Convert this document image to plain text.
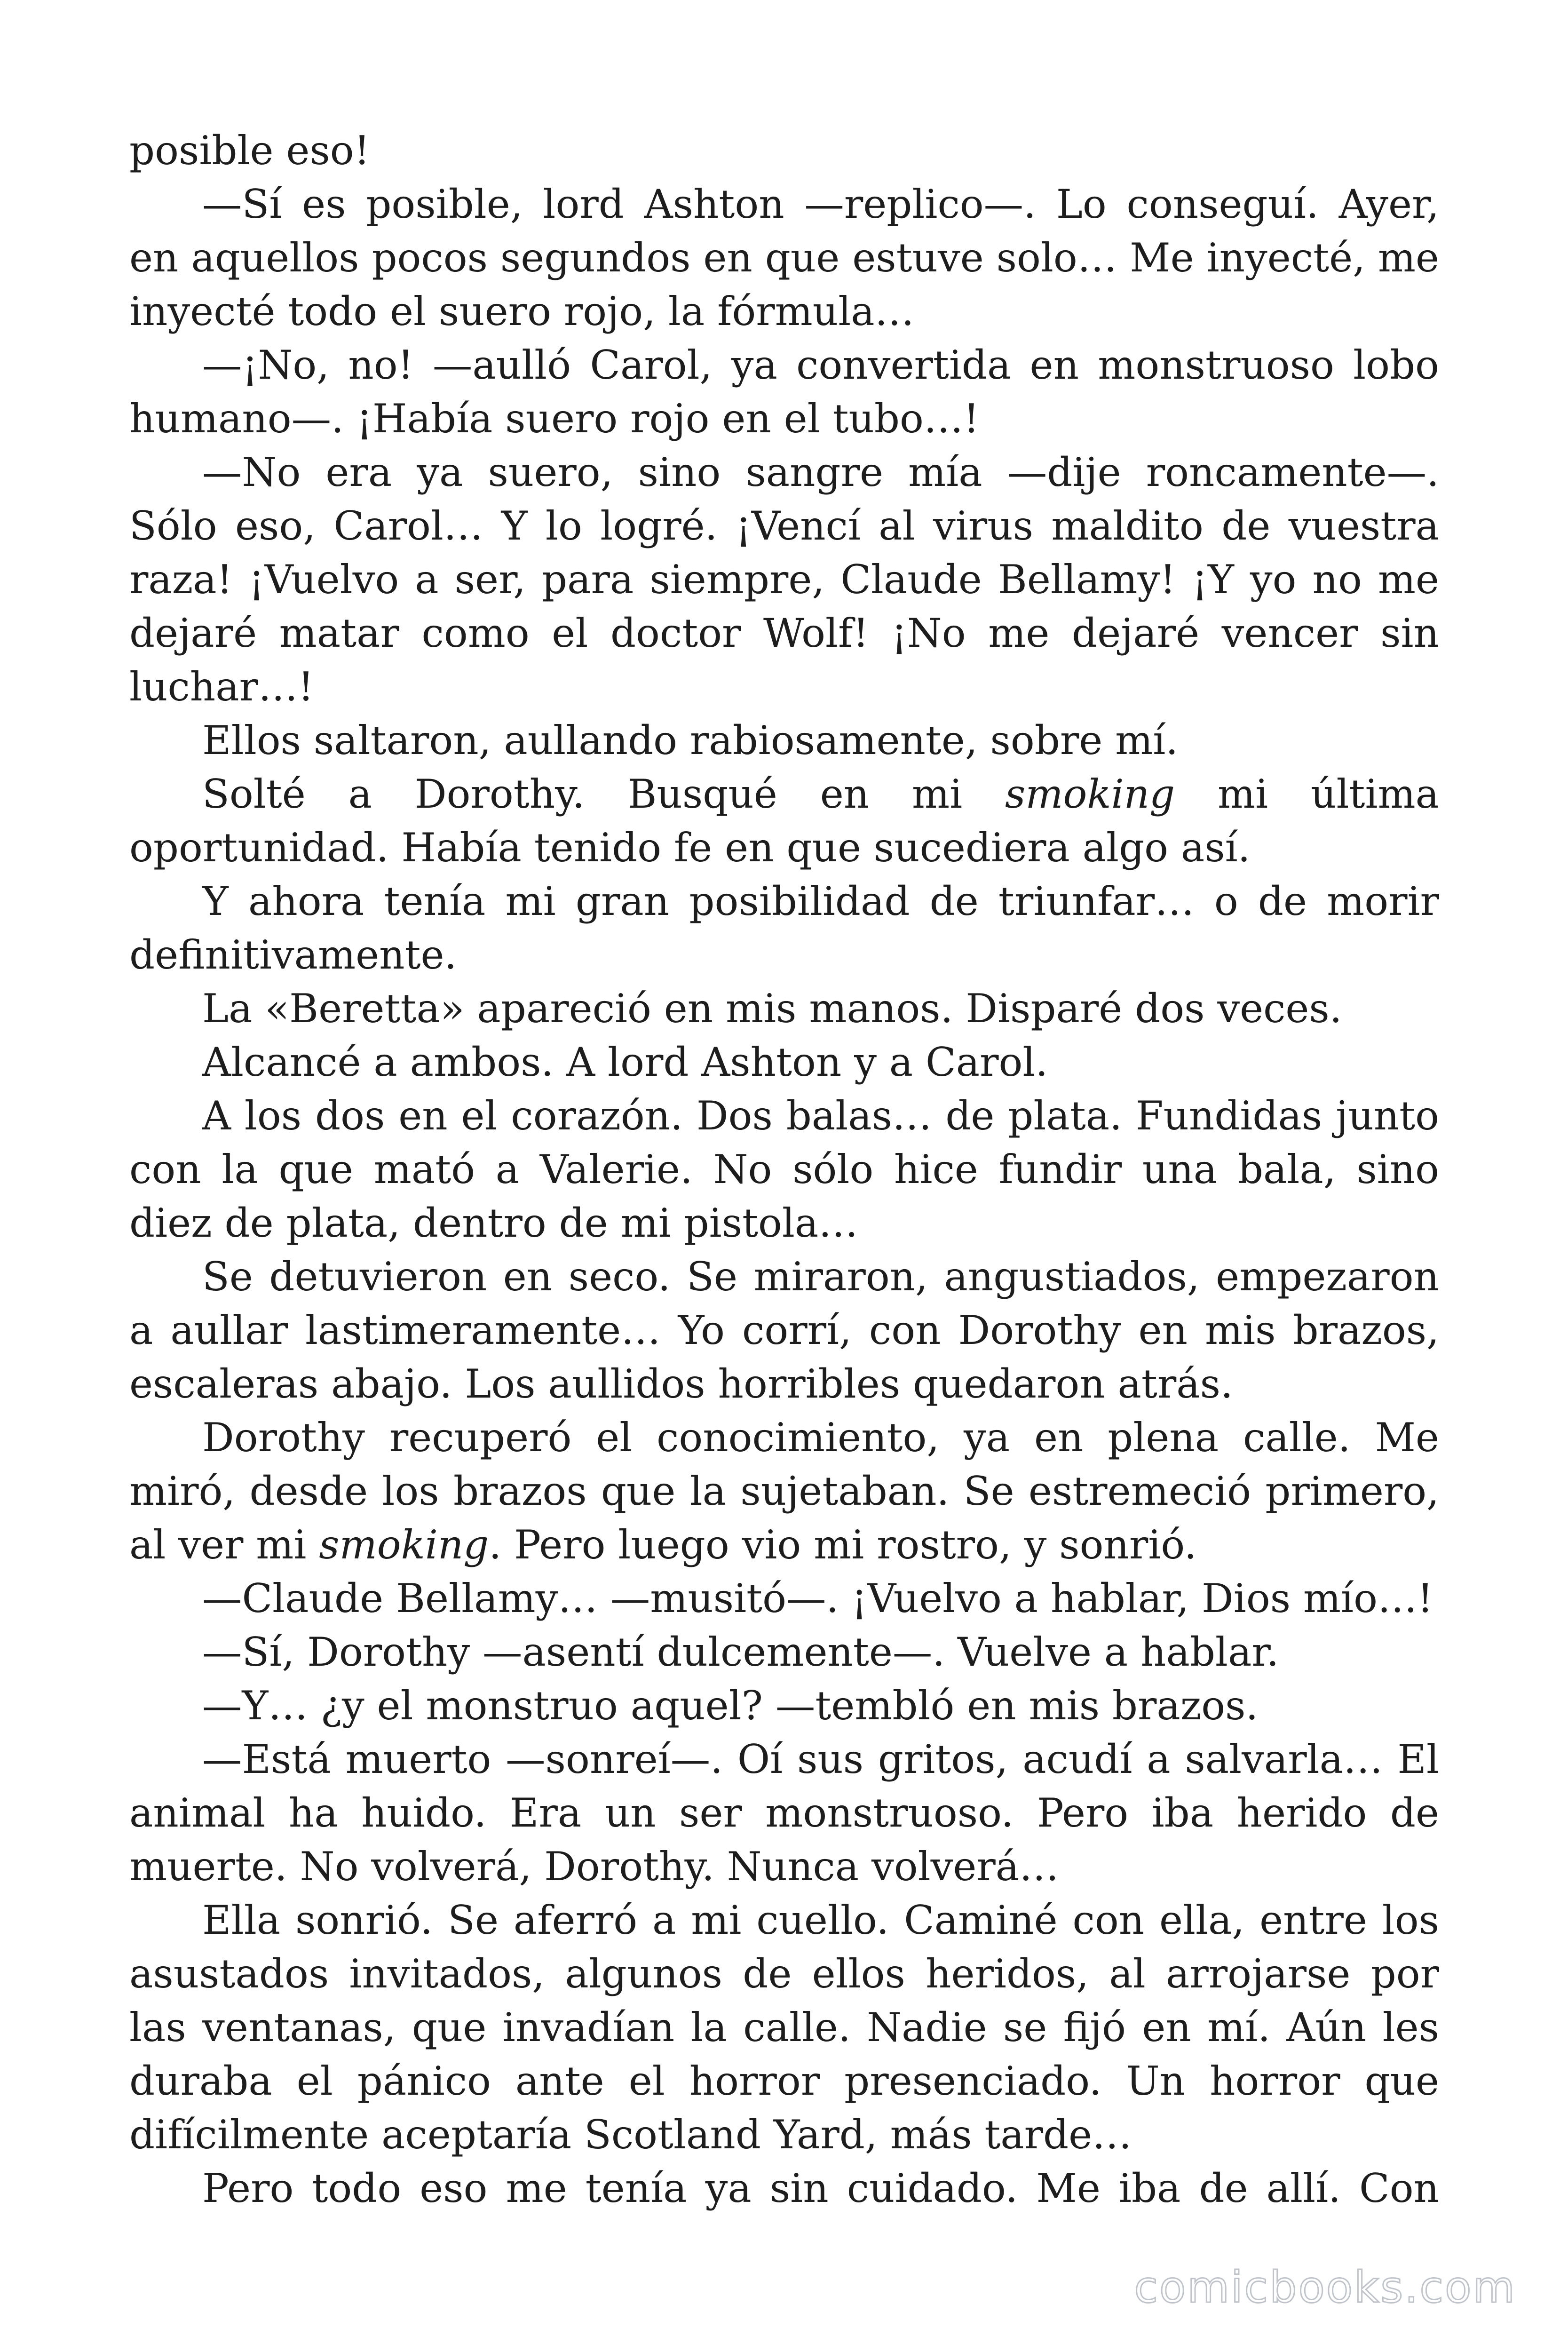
posible eso!

—Sí es posible, lord Ashton —replico—. Lo conseguí. Ayer, en aquellos pocos segundos en que estuve solo… Me inyecté, me inyecté todo el suero rojo, la fórmula…

—¡No, no! —aulló Carol, ya convertida en monstruoso lobo humano—. ¡Había suero rojo en el tubo…!

—No era ya suero, sino sangre mía —dije roncamente—. Sólo eso, Carol… Y lo logré. ¡Vencí al virus maldito de vuestra raza! ¡Vuelvo a ser, para siempre, Claude Bellamy! ¡Y yo no me dejaré matar como el doctor Wolf! ¡No me dejaré vencer sin luchar…!

Ellos saltaron, aullando rabiosamente, sobre mí.

Solté a Dorothy. Busqué en mi smoking mi última oportunidad. Había tenido fe en que sucediera algo así.

Y ahora tenía mi gran posibilidad de triunfar… o de morir definitivamente.

La «Beretta» apareció en mis manos. Disparé dos veces.

Alcancé a ambos. A lord Ashton y a Carol.

A los dos en el corazón. Dos balas… de plata. Fundidas junto con la que mató a Valerie. No sólo hice fundir una bala, sino diez de plata, dentro de mi pistola…

Se detuvieron en seco. Se miraron, angustiados, empezaron a aullar lastimeramente… Yo corrí, con Dorothy en mis brazos, escaleras abajo. Los aullidos horribles quedaron atrás.

Dorothy recuperó el conocimiento, ya en plena calle. Me miró, desde los brazos que la sujetaban. Se estremeció primero, al ver mi smoking. Pero luego vio mi rostro, y sonrió.

—Claude Bellamy… —musitó—. ¡Vuelvo a hablar, Dios mío…!

—Sí, Dorothy —asentí dulcemente—. Vuelve a hablar.

—Y… ¿y el monstruo aquel? —tembló en mis brazos.

—Está muerto —sonreí—. Oí sus gritos, acudí a salvarla… El animal ha huido. Era un ser monstruoso. Pero iba herido de muerte. No volverá, Dorothy. Nunca volverá…

Ella sonrió. Se aferró a mi cuello. Caminé con ella, entre los asustados invitados, algunos de ellos heridos, al arrojarse por las ventanas, que invadían la calle. Nadie se fijó en mí. Aún les duraba el pánico ante el horror presenciado. Un horror que difícilmente aceptaría Scotland Yard, más tarde…

Pero todo eso me tenía ya sin cuidado. Me iba de allí. Con

comicbooks.com
